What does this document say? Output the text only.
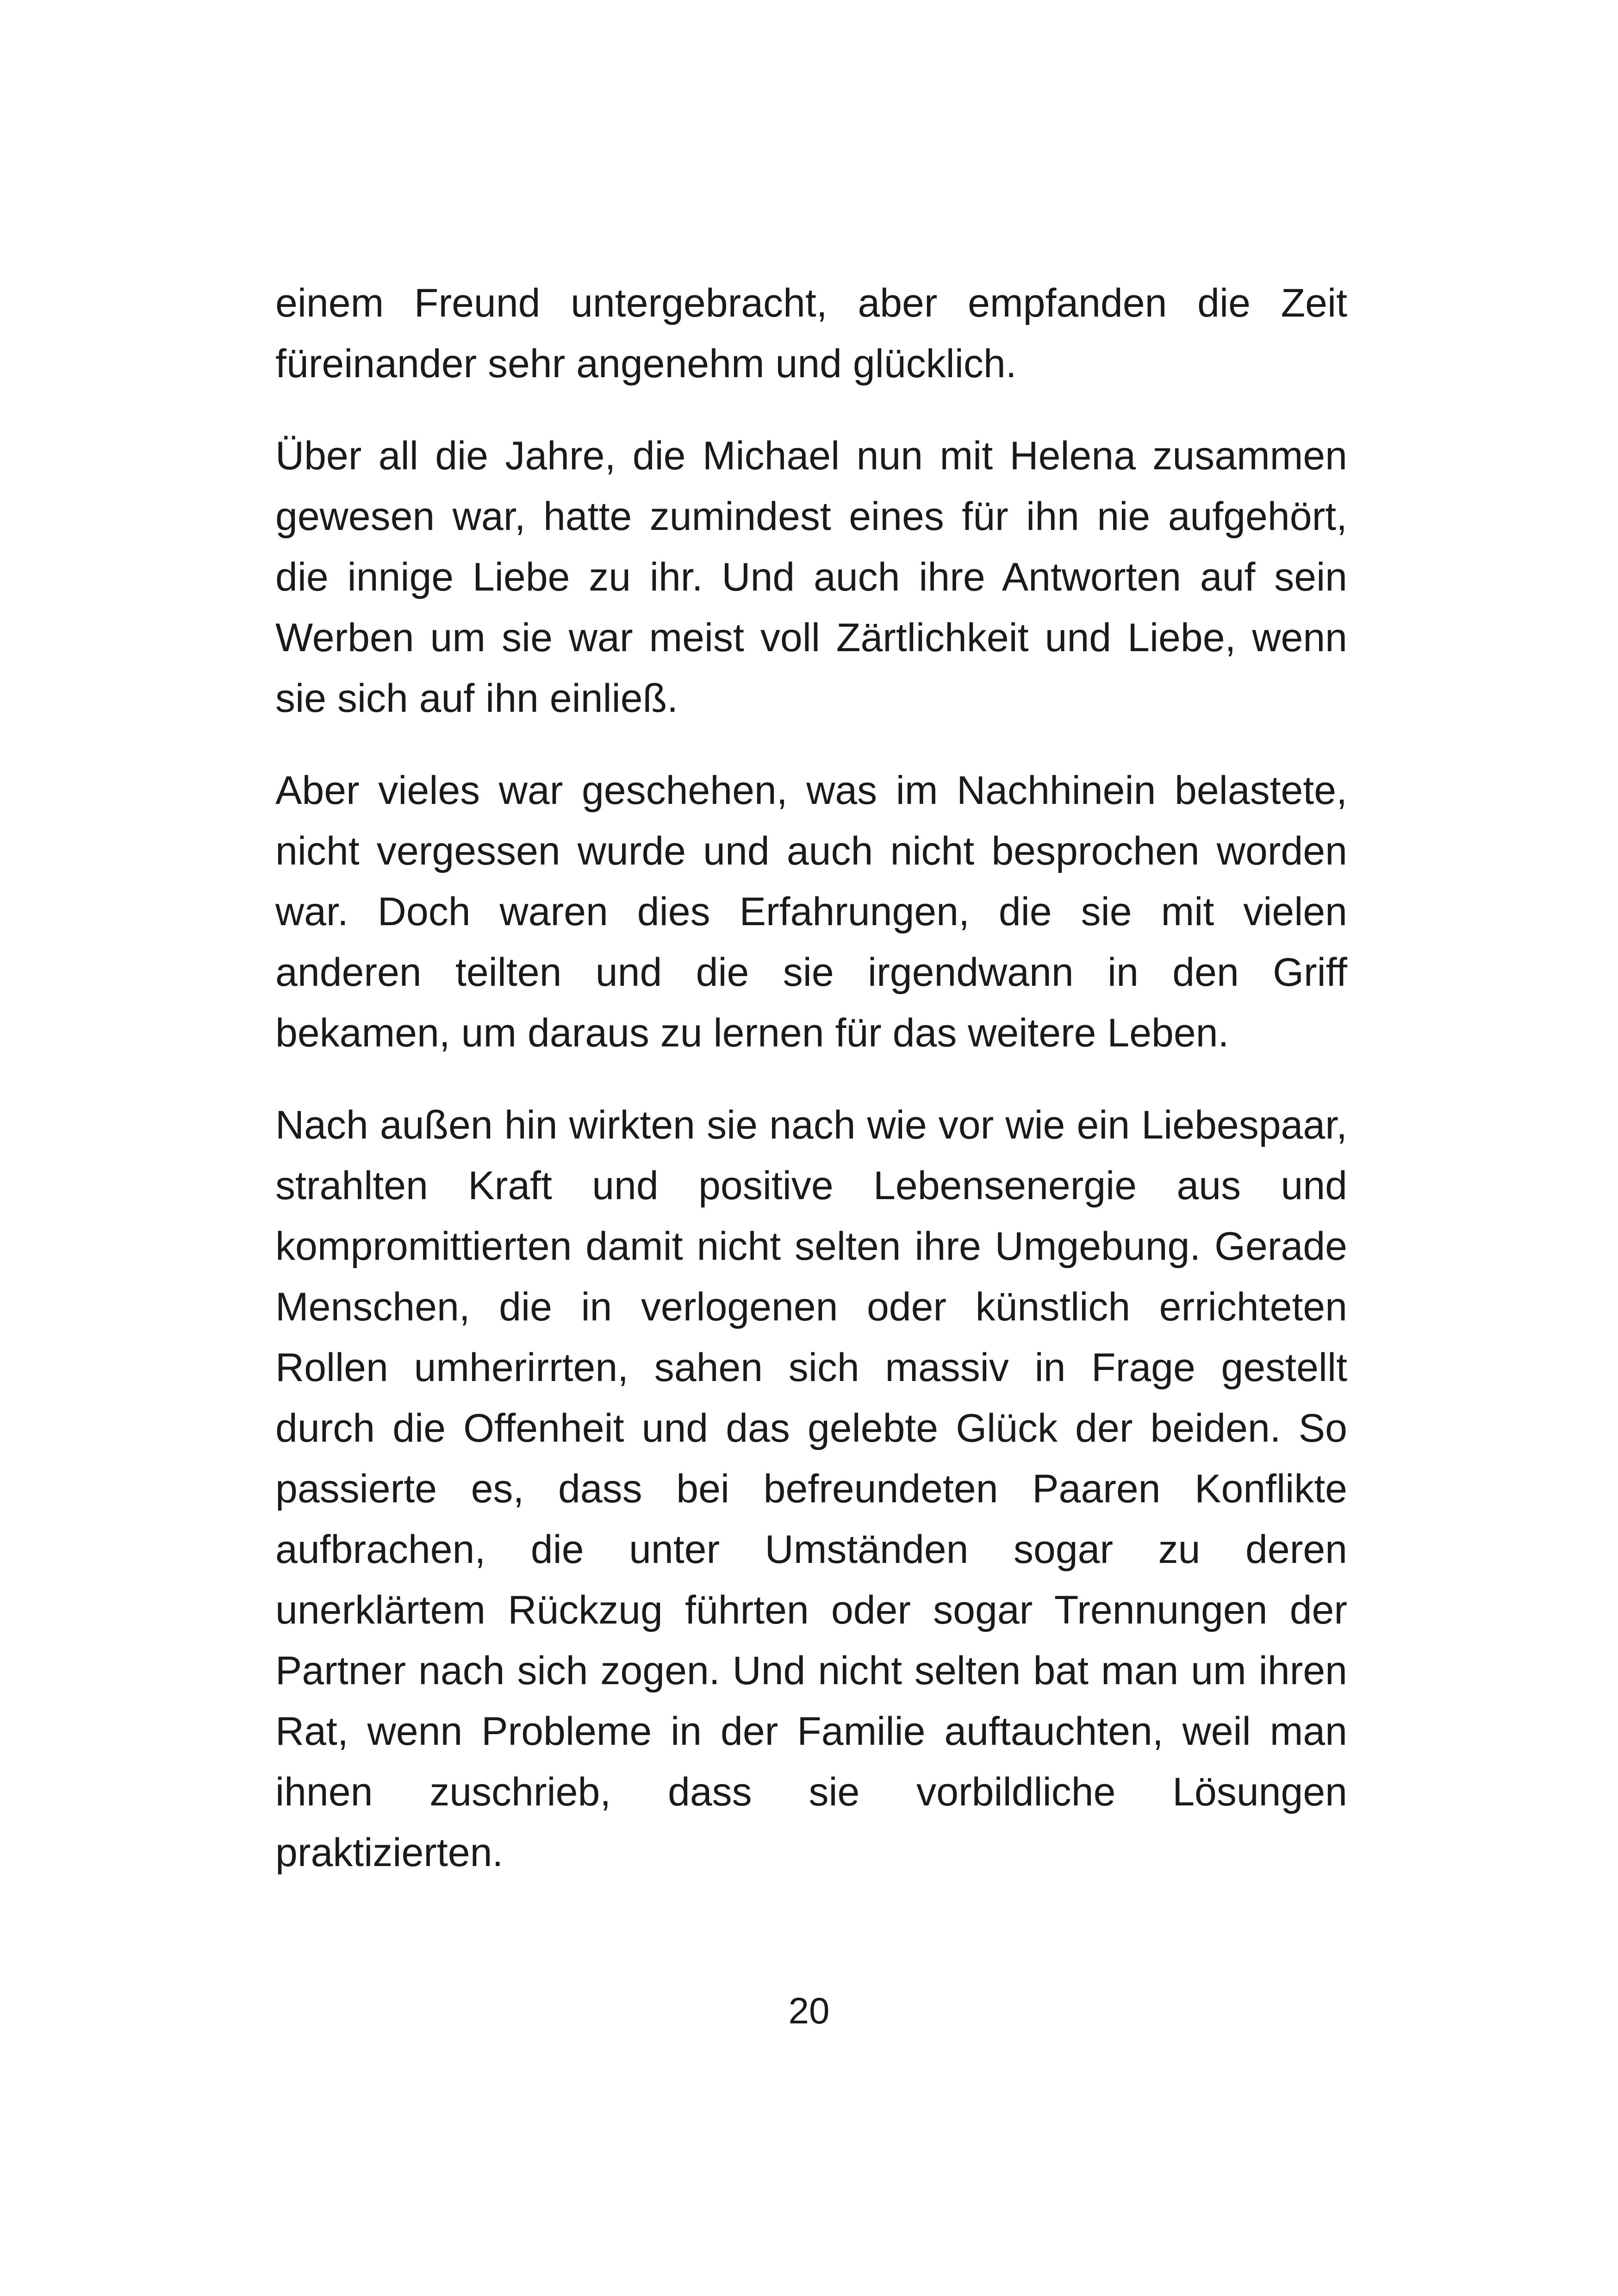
einem Freund untergebracht, aber empfanden die Zeit füreinander sehr angenehm und glücklich.

Über all die Jahre, die Michael nun mit Helena zusammen gewesen war, hatte zumindest eines für ihn nie aufgehört, die innige Liebe zu ihr. Und auch ihre Antworten auf sein Werben um sie war meist voll Zärtlichkeit und Liebe, wenn sie sich auf ihn einließ.

Aber vieles war geschehen, was im Nachhinein belastete, nicht vergessen wurde und auch nicht besprochen worden war. Doch waren dies Erfahrungen, die sie mit vielen anderen teilten und die sie irgendwann in den Griff bekamen, um daraus zu lernen für das weitere Leben.

Nach außen hin wirkten sie nach wie vor wie ein Liebespaar, strahlten Kraft und positive Lebensenergie aus und kompromittierten damit nicht selten ihre Umgebung. Gerade Menschen, die in verlogenen oder künstlich errichteten Rollen umherirrten, sahen sich massiv in Frage gestellt durch die Offenheit und das gelebte Glück der beiden. So passierte es, dass bei befreundeten Paaren Konflikte aufbrachen, die unter Umständen sogar zu deren unerklärtem Rückzug führten oder sogar Trennungen der Partner nach sich zogen. Und nicht selten bat man um ihren Rat, wenn Probleme in der Familie auftauchten, weil man ihnen zuschrieb, dass sie vorbildliche Lösungen praktizierten.

20
